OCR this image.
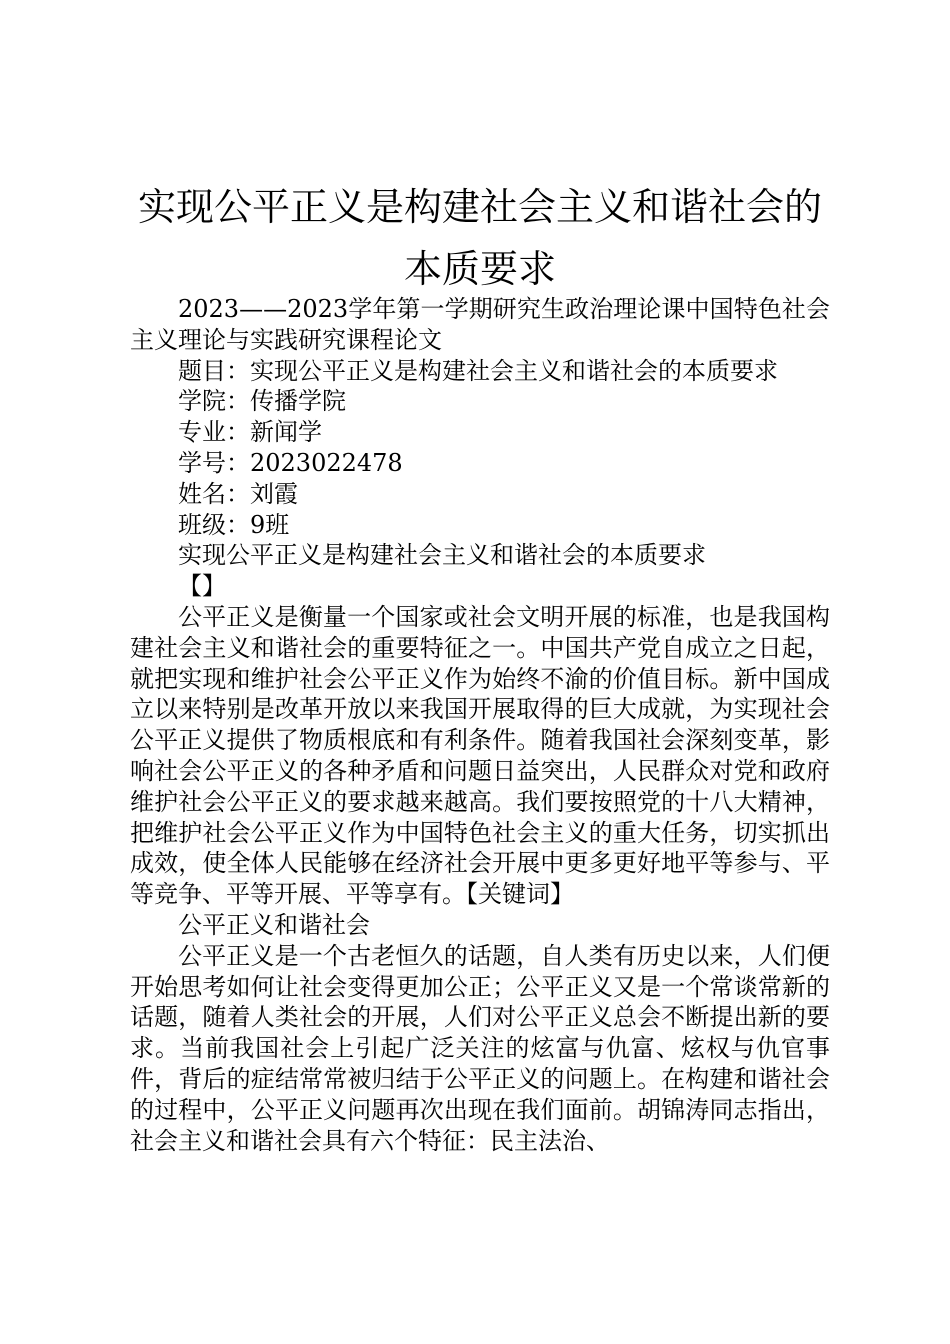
实现公平正义是构建社会主义和谐社会的本质要求

2023——2023学年第一学期研究生政治理论课中国特色社会主义理论与实践研究课程论文

题目：实现公平正义是构建社会主义和谐社会的本质要求

学院：传播学院

专业：新闻学

学号：2023022478

姓名：刘霞

班级：9班

实现公平正义是构建社会主义和谐社会的本质要求

【】

公平正义是衡量一个国家或社会文明开展的标准，也是我国构建社会主义和谐社会的重要特征之一。中国共产党自成立之日起，就把实现和维护社会公平正义作为始终不渝的价值目标。新中国成立以来特别是改革开放以来我国开展取得的巨大成就，为实现社会公平正义提供了物质根底和有利条件。随着我国社会深刻变革，影响社会公平正义的各种矛盾和问题日益突出，人民群众对党和政府维护社会公平正义的要求越来越高。我们要按照党的十八大精神，把维护社会公平正义作为中国特色社会主义的重大任务，切实抓出成效，使全体人民能够在经济社会开展中更多更好地平等参与、平等竞争、平等开展、平等享有。【关键词】

公平正义和谐社会

公平正义是一个古老恒久的话题，自人类有历史以来，人们便开始思考如何让社会变得更加公正；公平正义又是一个常谈常新的话题，随着人类社会的开展，人们对公平正义总会不断提出新的要求。当前我国社会上引起广泛关注的炫富与仇富、炫权与仇官事件，背后的症结常常被归结于公平正义的问题上。在构建和谐社会的过程中，公平正义问题再次出现在我们面前。胡锦涛同志指出，社会主义和谐社会具有六个特征：民主法治、
